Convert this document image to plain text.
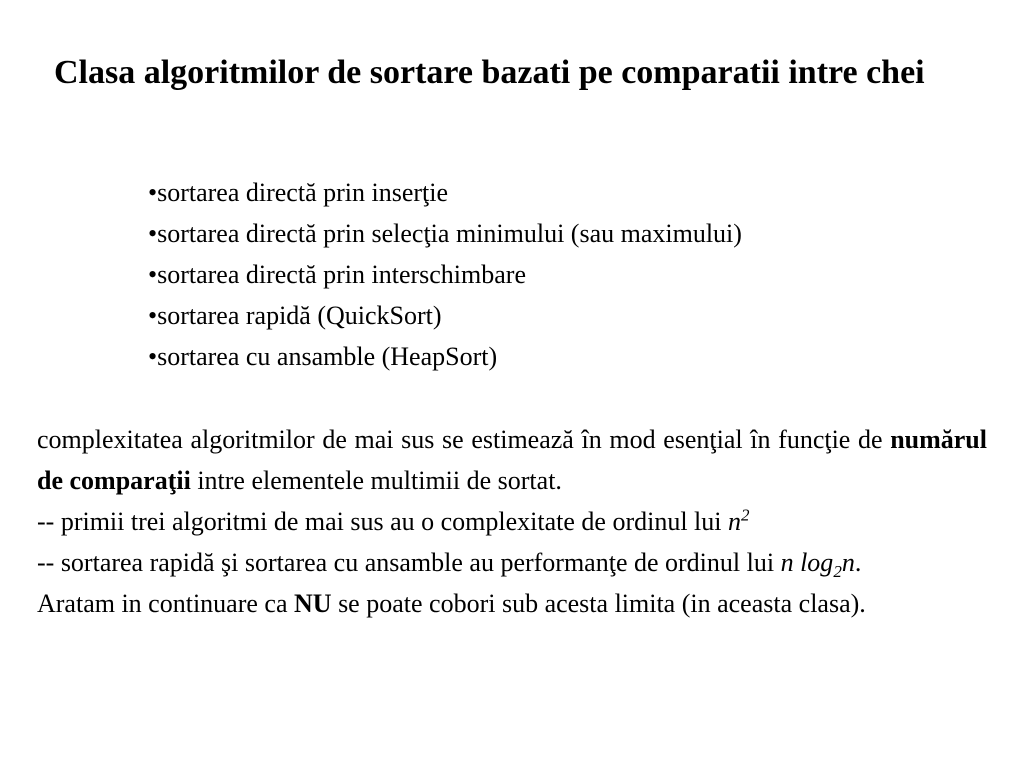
Clasa algoritmilor de sortare bazati pe comparatii intre chei
•sortarea directă prin inserţie
•sortarea directă prin selecţia minimului (sau maximului)
•sortarea directă prin interschimbare
•sortarea rapidă (QuickSort)
•sortarea cu ansamble (HeapSort)

complexitatea algoritmilor de mai sus se estimează în mod esenţial în funcţie de numărul de comparaţii intre elementele multimii de sortat.

-- primii trei algoritmi de mai sus au o complexitate de ordinul lui $n^2$

-- sortarea rapidă şi sortarea cu ansamble au performanţe de ordinul lui n $\log_2n$.

Aratam in continuare ca NU se poate cobori sub acesta limita (in aceasta clasa).
